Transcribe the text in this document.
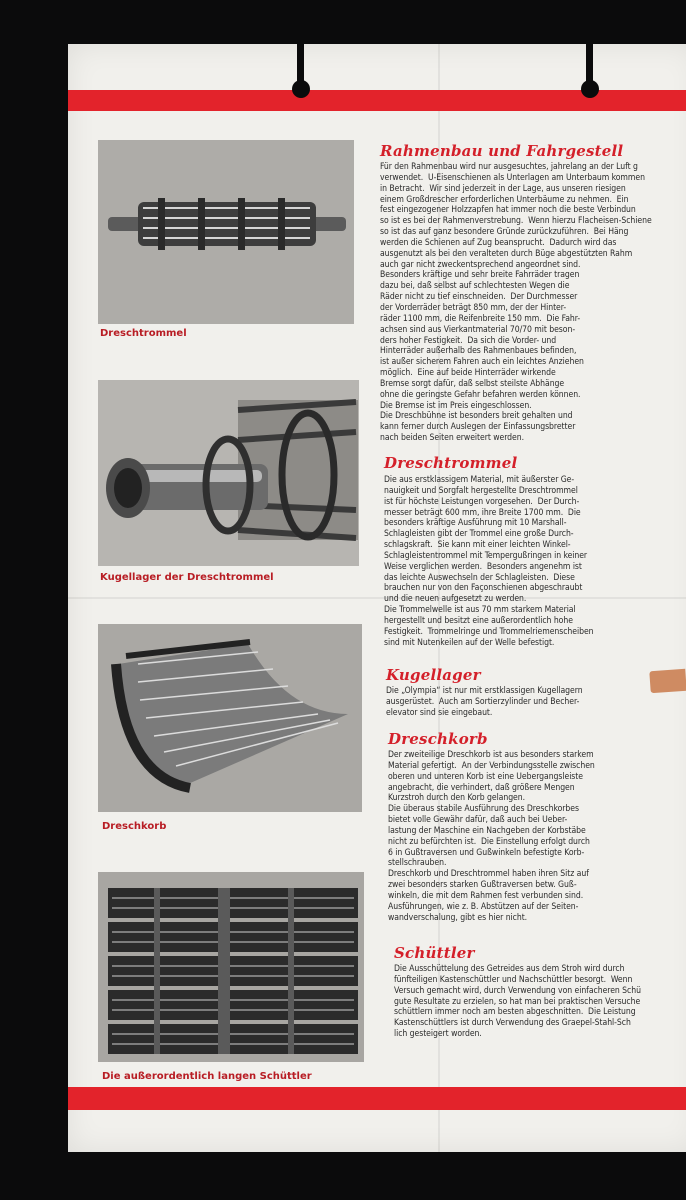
Dreschtrommel
Kugellager der Dreschtrommel
Dreschkorb
Die außerordentlich langen Schüttler
Rahmenbau und Fahrgestell
Für den Rahmenbau wird nur ausgesuchtes, jahrelang an der Luft g
verwendet.  U-Eisenschienen als Unterlagen am Unterbaum kommen
in Betracht.  Wir sind jederzeit in der Lage, aus unseren riesigen
einem Großdrescher erforderlichen Unterbäume zu nehmen.  Ein
fest eingezogener Holzzapfen hat immer noch die beste Verbindun
so ist es bei der Rahmenverstrebung.  Wenn hierzu Flacheisen-Schiene
so ist das auf ganz besondere Gründe zurückzuführen.  Bei Häng
werden die Schienen auf Zug beansprucht.  Dadurch wird das
ausgenutzt als bei den veralteten durch Büge abgestützten Rahm
auch gar nicht zweckentsprechend angeordnet sind.
Besonders kräftige und sehr breite Fahrräder tragen
dazu bei, daß selbst auf schlechtesten Wegen die
Räder nicht zu tief einschneiden.  Der Durchmesser
der Vorderräder beträgt 850 mm, der der Hinter-
räder 1100 mm, die Reifenbreite 150 mm.  Die Fahr-
achsen sind aus Vierkantmaterial 70/70 mit beson-
ders hoher Festigkeit.  Da sich die Vorder- und
Hinterräder außerhalb des Rahmenbaues befinden,
ist außer sicherem Fahren auch ein leichtes Anziehen
möglich.  Eine auf beide Hinterräder wirkende
Bremse sorgt dafür, daß selbst steilste Abhänge
ohne die geringste Gefahr befahren werden können.
Die Bremse ist im Preis eingeschlossen.
Die Dreschbühne ist besonders breit gehalten und
kann ferner durch Auslegen der Einfassungsbretter
nach beiden Seiten erweitert werden.
Dreschtrommel
Die aus erstklassigem Material, mit äußerster Ge-
nauigkeit und Sorgfalt hergestellte Dreschtrommel
ist für höchste Leistungen vorgesehen.  Der Durch-
messer beträgt 600 mm, ihre Breite 1700 mm.  Die
besonders kräftige Ausführung mit 10 Marshall-
Schlagleisten gibt der Trommel eine große Durch-
schlagskraft.  Sie kann mit einer leichten Winkel-
Schlagleistentrommel mit Tempergußringen in keiner
Weise verglichen werden.  Besonders angenehm ist
das leichte Auswechseln der Schlagleisten.  Diese
brauchen nur von den Façonschienen abgeschraubt
und die neuen aufgesetzt zu werden.
Die Trommelwelle ist aus 70 mm starkem Material
hergestellt und besitzt eine außerordentlich hohe
Festigkeit.  Trommelringe und Trommelriemenscheiben
sind mit Nutenkeilen auf der Welle befestigt.
Kugellager
Die „Olympia“ ist nur mit erstklassigen Kugellagern
ausgerüstet.  Auch am Sortierzylinder und Becher-
elevator sind sie eingebaut.
Dreschkorb
Der zweiteilige Dreschkorb ist aus besonders starkem
Material gefertigt.  An der Verbindungsstelle zwischen
oberen und unteren Korb ist eine Uebergangsleiste
angebracht, die verhindert, daß größere Mengen
Kurzstroh durch den Korb gelangen.
Die überaus stabile Ausführung des Dreschkorbes
bietet volle Gewähr dafür, daß auch bei Ueber-
lastung der Maschine ein Nachgeben der Korbstäbe
nicht zu befürchten ist.  Die Einstellung erfolgt durch
6 in Gußtraversen und Gußwinkeln befestigte Korb-
stellschrauben.
Dreschkorb und Dreschtrommel haben ihren Sitz auf
zwei besonders starken Gußtraversen betw. Guß-
winkeln, die mit dem Rahmen fest verbunden sind.
Ausführungen, wie z. B. Abstützen auf der Seiten-
wandverschalung, gibt es hier nicht.
Schüttler
Die Ausschüttelung des Getreides aus dem Stroh wird durch
fünfteiligen Kastenschüttler und Nachschüttler besorgt.  Wenn
Versuch gemacht wird, durch Verwendung von einfacheren Schü
gute Resultate zu erzielen, so hat man bei praktischen Versuche
schüttlern immer noch am besten abgeschnitten.  Die Leistung
Kastenschüttlers ist durch Verwendung des Graepel-Stahl-Sch
lich gesteigert worden.
